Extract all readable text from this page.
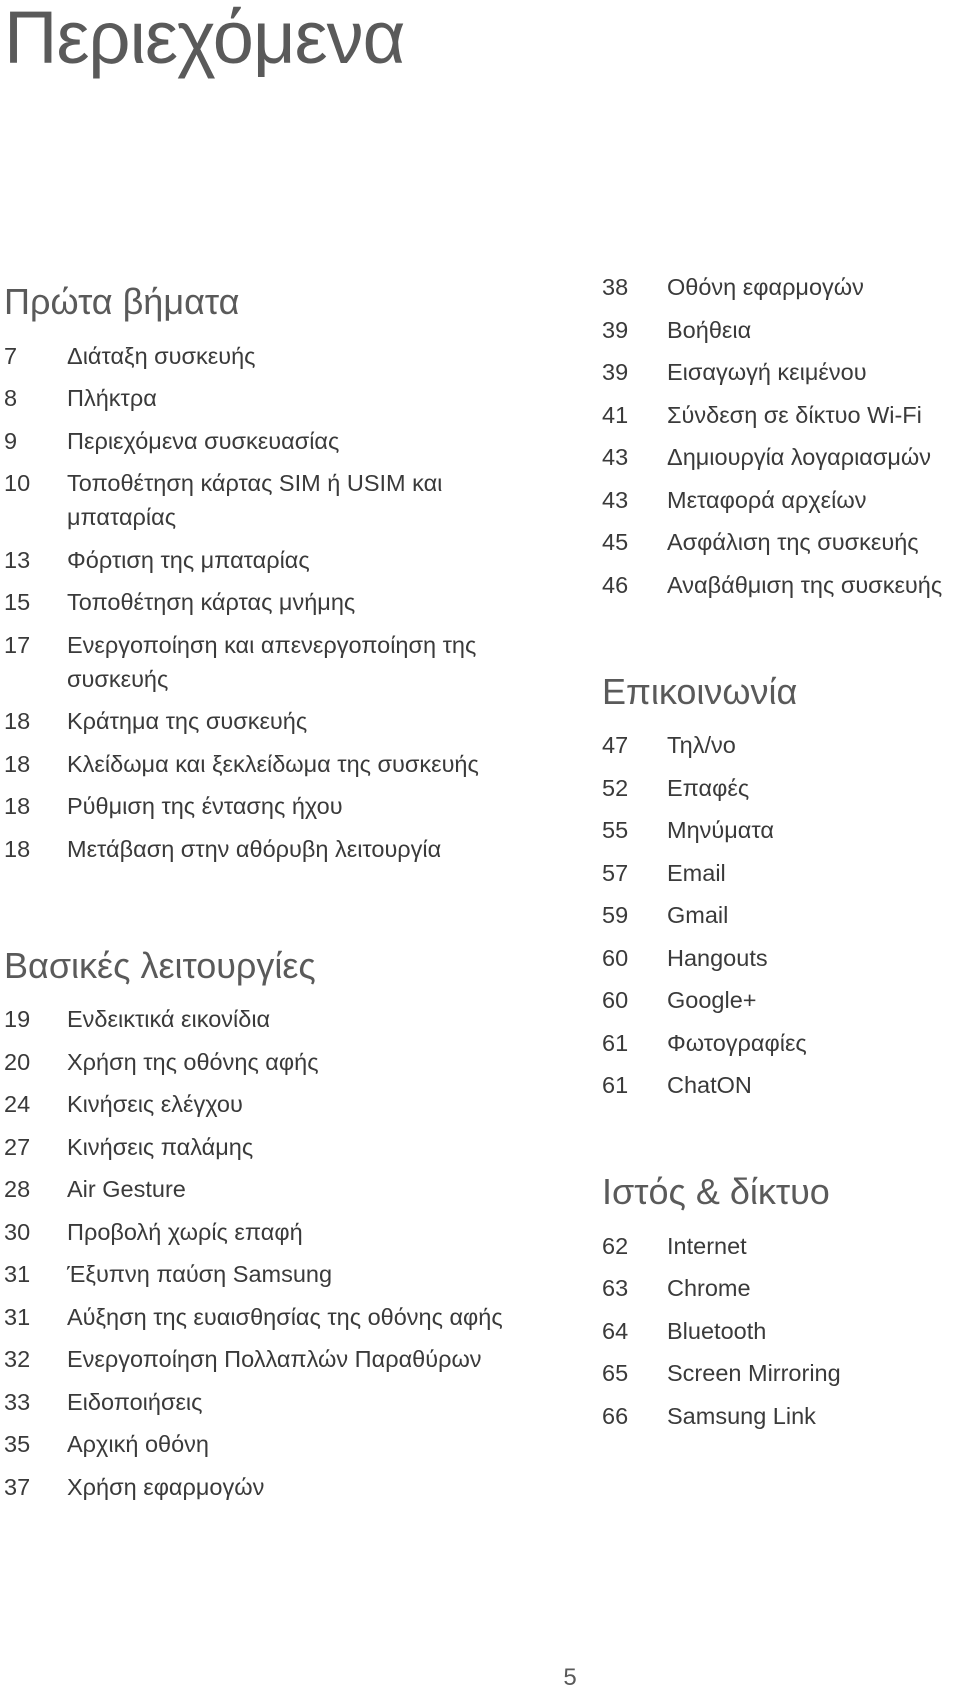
Περιεχόμενα
Πρώτα βήματα
7	Διάταξη συσκευής
8	Πλήκτρα
9	Περιεχόμενα συσκευασίας
10	Τοποθέτηση κάρτας SIM ή USIM και μπαταρίας
13	Φόρτιση της μπαταρίας
15	Τοποθέτηση κάρτας μνήμης
17	Ενεργοποίηση και απενεργοποίηση της συσκευής
18	Κράτημα της συσκευής
18	Κλείδωμα και ξεκλείδωμα της συσκευής
18	Ρύθμιση της έντασης ήχου
18	Μετάβαση στην αθόρυβη λειτουργία
Βασικές λειτουργίες
19	Ενδεικτικά εικονίδια
20	Χρήση της οθόνης αφής
24	Κινήσεις ελέγχου
27	Κινήσεις παλάμης
28	Air Gesture
30	Προβολή χωρίς επαφή
31	Έξυπνη παύση Samsung
31	Αύξηση της ευαισθησίας της οθόνης αφής
32	Ενεργοποίηση Πολλαπλών Παραθύρων
33	Ειδοποιήσεις
35	Αρχική οθόνη
37	Χρήση εφαρμογών
38	Οθόνη εφαρμογών
39	Βοήθεια
39	Εισαγωγή κειμένου
41	Σύνδεση σε δίκτυο Wi-Fi
43	Δημιουργία λογαριασμών
43	Μεταφορά αρχείων
45	Ασφάλιση της συσκευής
46	Αναβάθμιση της συσκευής
Επικοινωνία
47	Τηλ/νο
52	Επαφές
55	Μηνύματα
57	Email
59	Gmail
60	Hangouts
60	Google+
61	Φωτογραφίες
61	ChatON
Ιστός & δίκτυο
62	Internet
63	Chrome
64	Bluetooth
65	Screen Mirroring
66	Samsung Link
5
